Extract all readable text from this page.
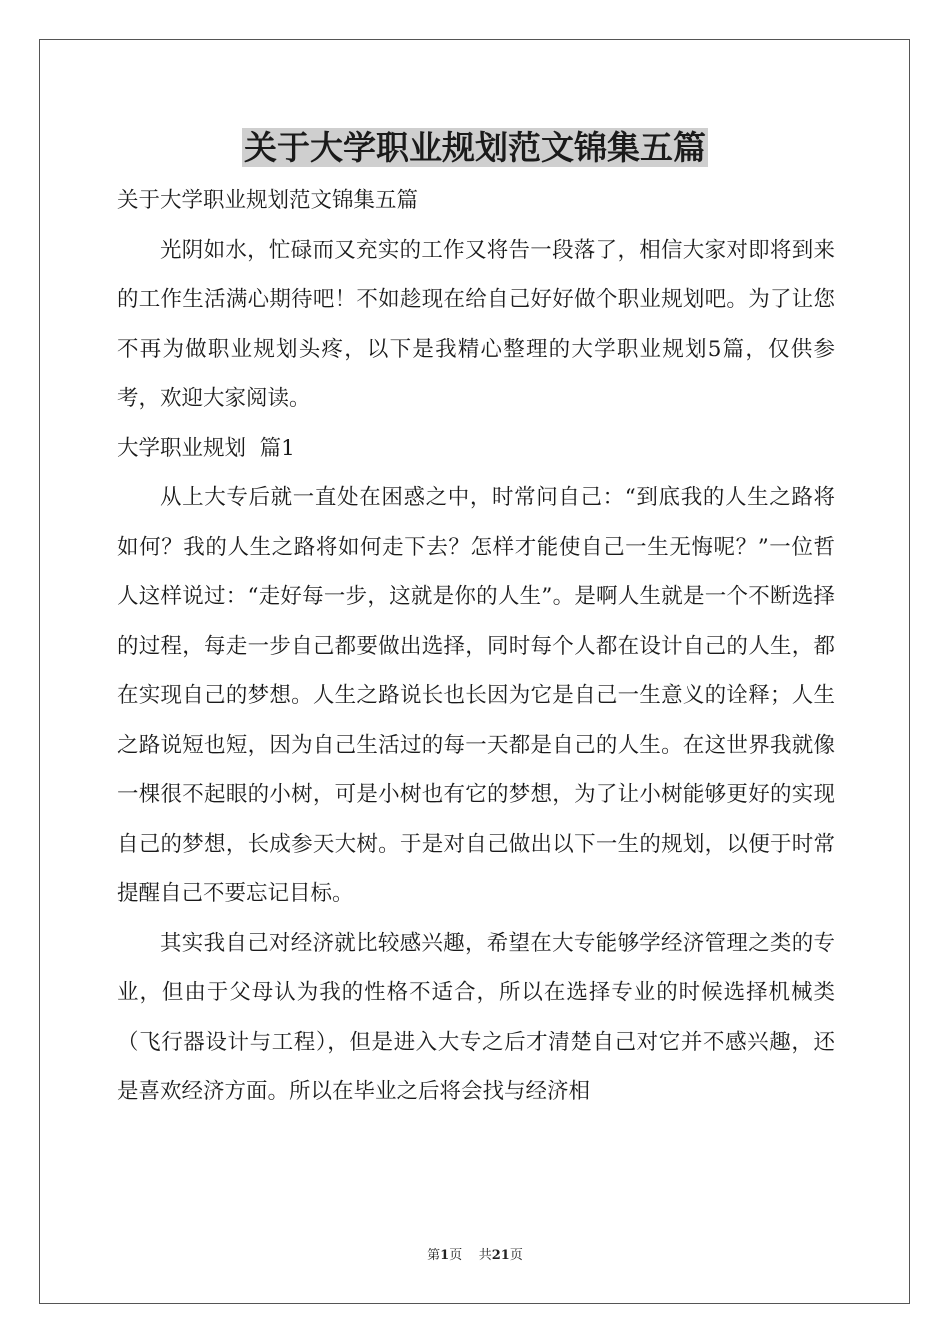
关于大学职业规划范文锦集五篇

关于大学职业规划范文锦集五篇

光阴如水，忙碌而又充实的工作又将告一段落了，相信大家对即将到来的工作生活满心期待吧！不如趁现在给自己好好做个职业规划吧。为了让您不再为做职业规划头疼，以下是我精心整理的大学职业规划5篇，仅供参考，欢迎大家阅读。

大学职业规划  篇1

从上大专后就一直处在困惑之中，时常问自己：“到底我的人生之路将如何？我的人生之路将如何走下去？怎样才能使自己一生无悔呢？”一位哲人这样说过：“走好每一步，这就是你的人生”。是啊人生就是一个不断选择的过程，每走一步自己都要做出选择，同时每个人都在设计自己的人生，都在实现自己的梦想。人生之路说长也长因为它是自己一生意义的诠释；人生之路说短也短，因为自己生活过的每一天都是自己的人生。在这世界我就像一棵很不起眼的小树，可是小树也有它的梦想，为了让小树能够更好的实现自己的梦想，长成参天大树。于是对自己做出以下一生的规划，以便于时常提醒自己不要忘记目标。

其实我自己对经济就比较感兴趣，希望在大专能够学经济管理之类的专业，但由于父母认为我的性格不适合，所以在选择专业的时候选择机械类（飞行器设计与工程），但是进入大专之后才清楚自己对它并不感兴趣，还是喜欢经济方面。所以在毕业之后将会找与经济相

第1页    共21页
